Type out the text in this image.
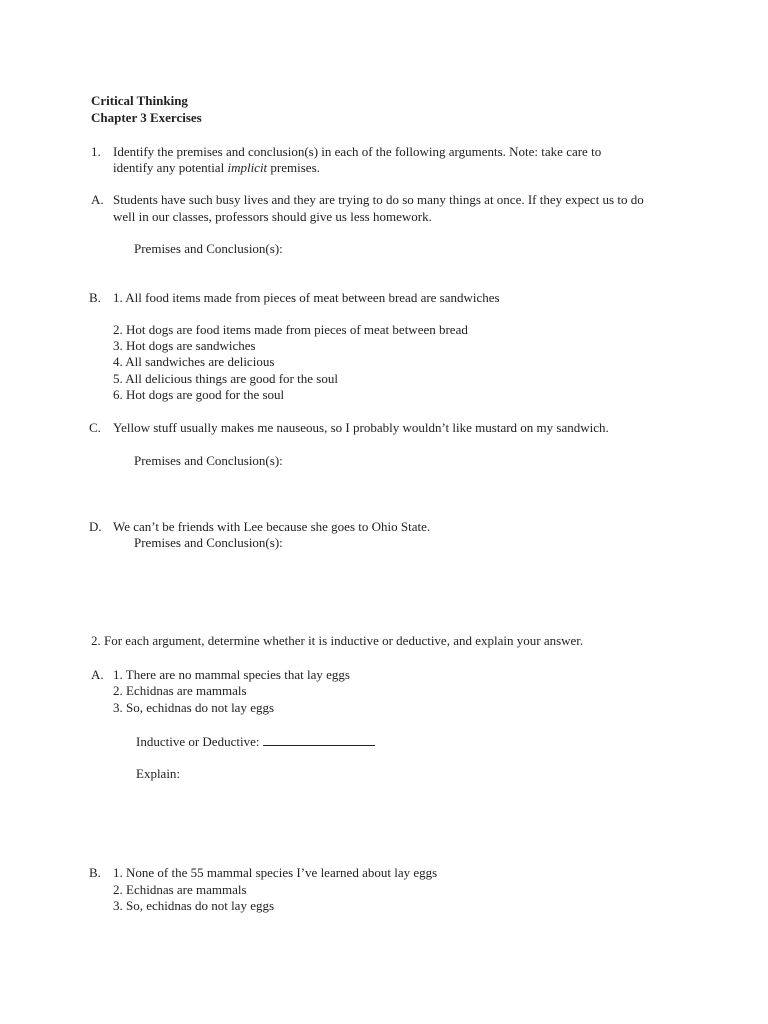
Critical Thinking
Chapter 3 Exercises
1. Identify the premises and conclusion(s) in each of the following arguments. Note: take care to
identify any potential implicit premises.
A. Students have such busy lives and they are trying to do so many things at once. If they expect us to do
well in our classes, professors should give us less homework.
Premises and Conclusion(s):
B. 1. All food items made from pieces of meat between bread are sandwiches
2. Hot dogs are food items made from pieces of meat between bread
3. Hot dogs are sandwiches
4. All sandwiches are delicious
5. All delicious things are good for the soul
6. Hot dogs are good for the soul
C. Yellow stuff usually makes me nauseous, so I probably wouldn’t like mustard on my sandwich.
Premises and Conclusion(s):
D. We can’t be friends with Lee because she goes to Ohio State.
Premises and Conclusion(s):
2. For each argument, determine whether it is inductive or deductive, and explain your answer.
A. 1. There are no mammal species that lay eggs
2. Echidnas are mammals
3. So, echidnas do not lay eggs
Inductive or Deductive:
Explain:
B. 1. None of the 55 mammal species I’ve learned about lay eggs
2. Echidnas are mammals
3. So, echidnas do not lay eggs
